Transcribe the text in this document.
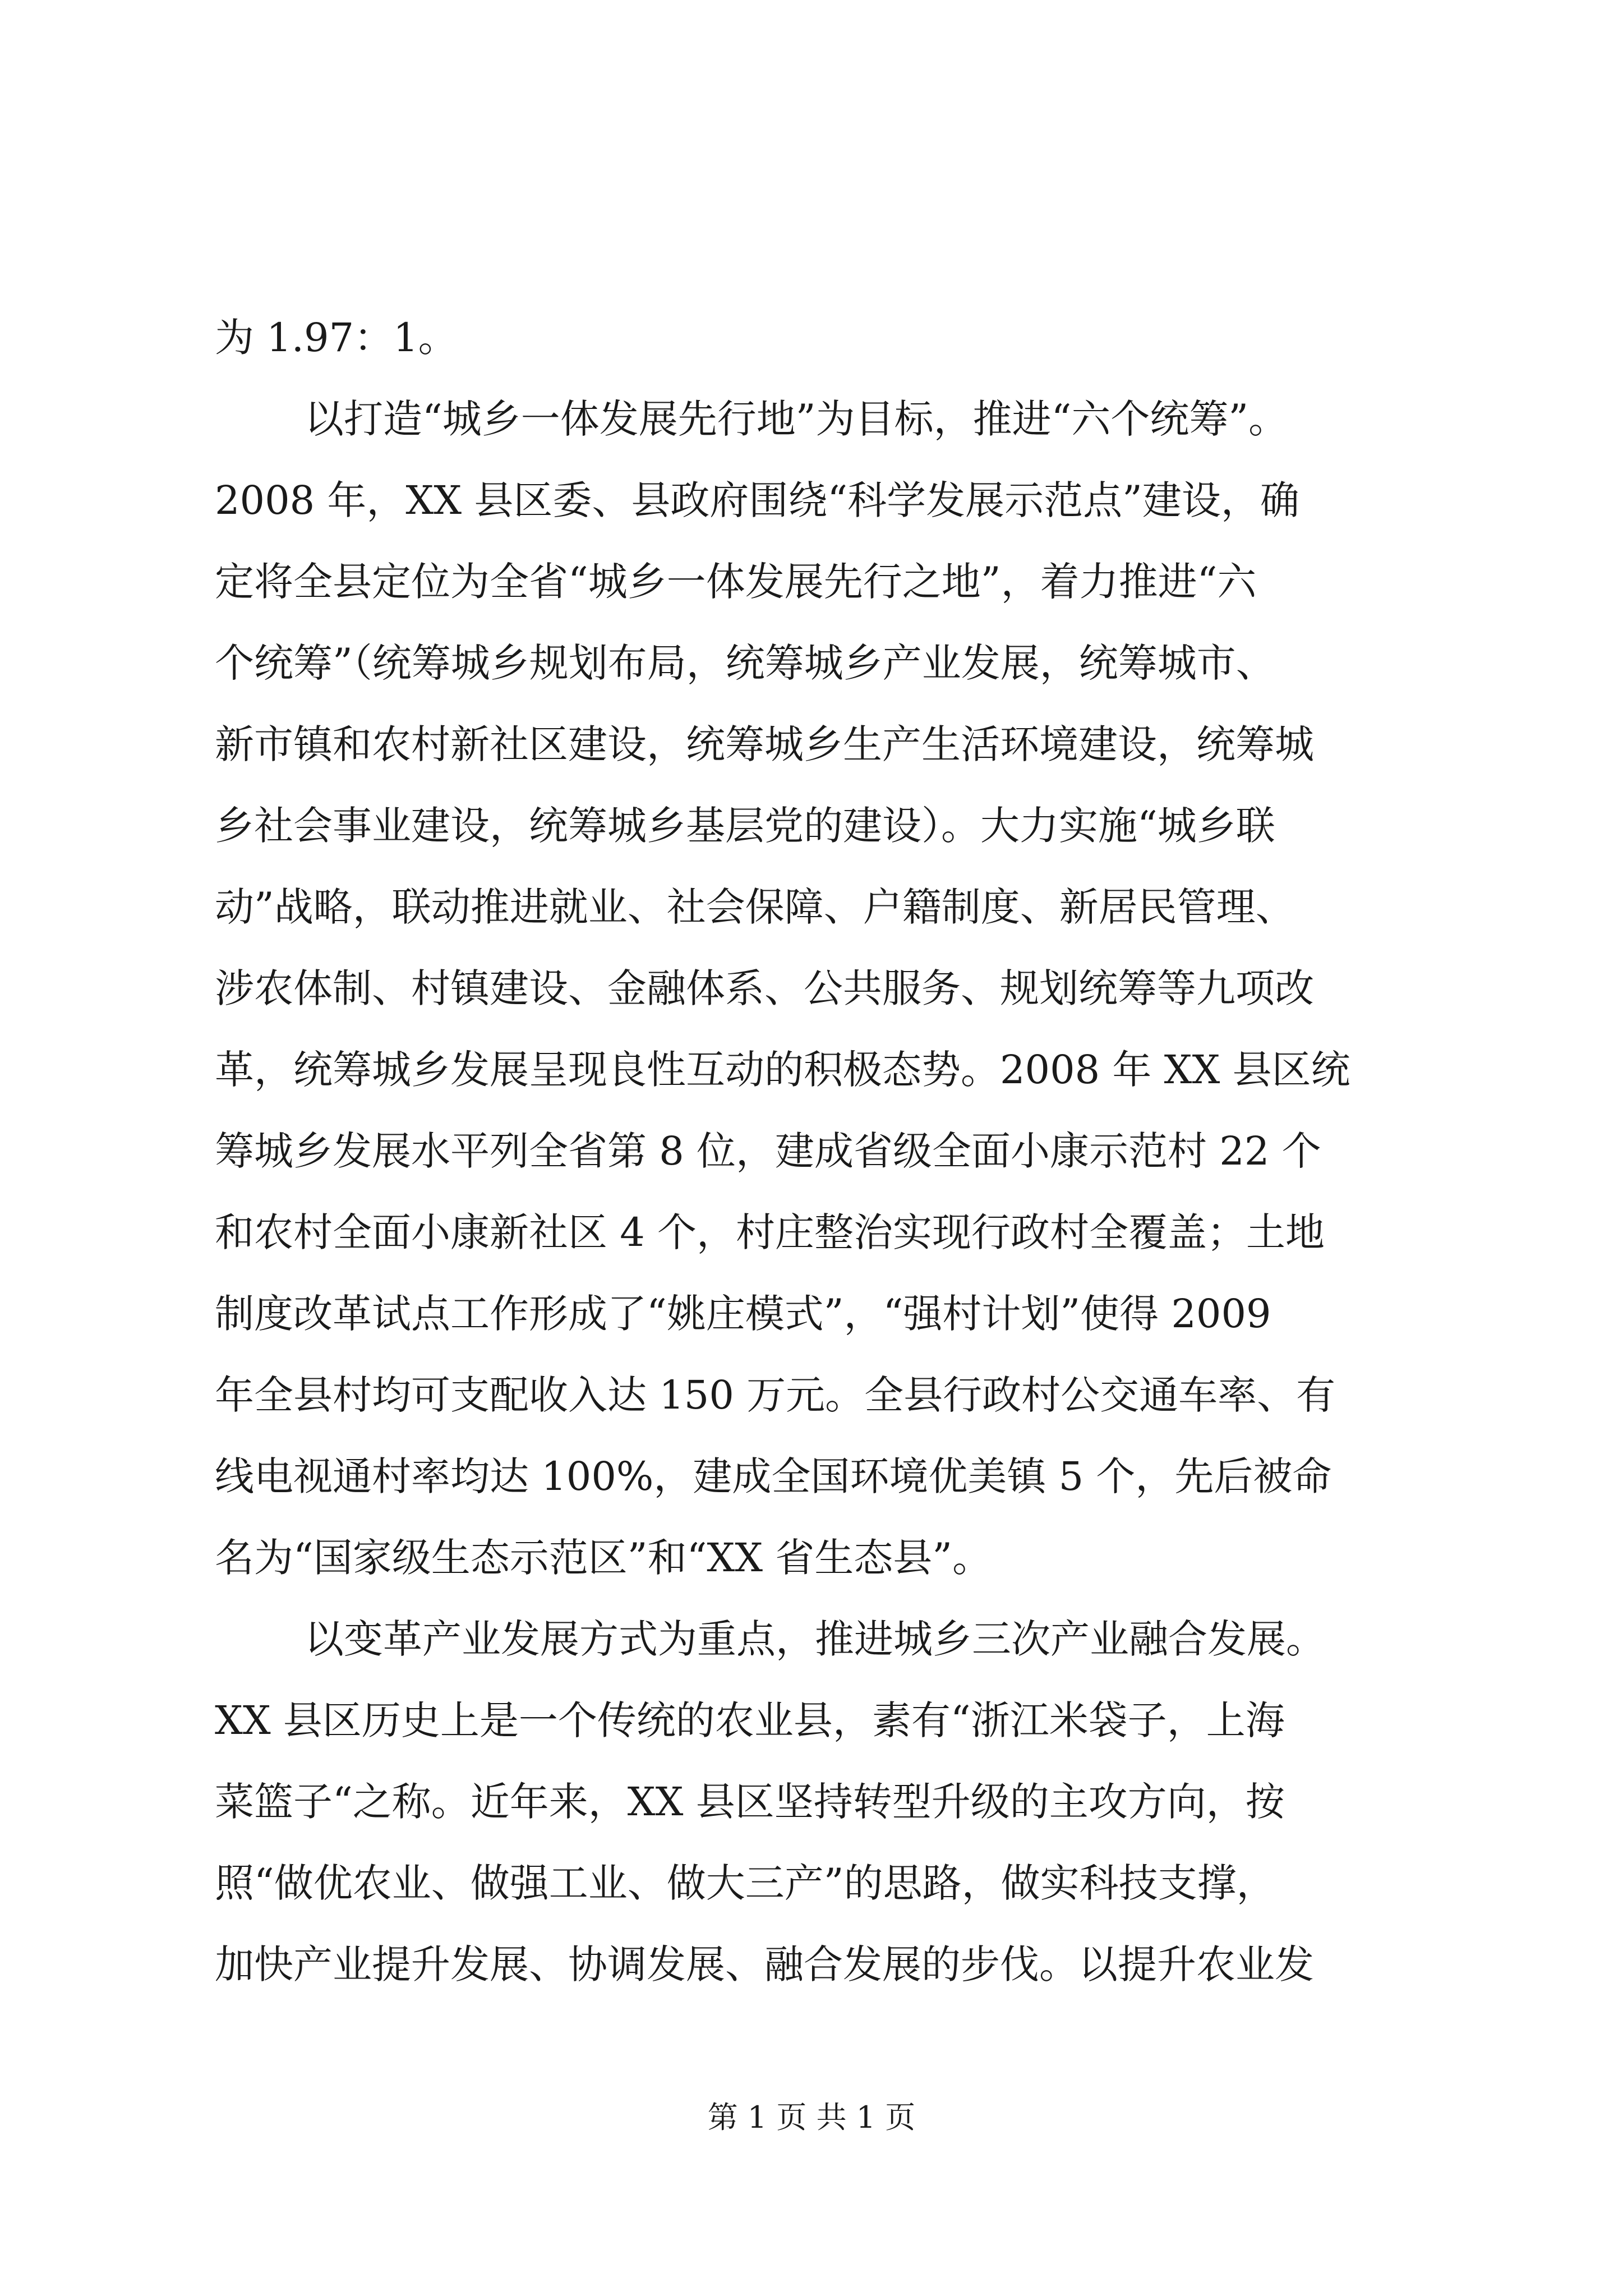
为 1.97：1。
以打造“城乡一体发展先行地”为目标，推进“六个统筹”。
2008 年，XX 县区委、县政府围绕“科学发展示范点”建设，确
定将全县定位为全省“城乡一体发展先行之地”，着力推进“六
个统筹”（统筹城乡规划布局，统筹城乡产业发展，统筹城市、
新市镇和农村新社区建设，统筹城乡生产生活环境建设，统筹城
乡社会事业建设，统筹城乡基层党的建设）。大力实施“城乡联
动”战略，联动推进就业、社会保障、户籍制度、新居民管理、
涉农体制、村镇建设、金融体系、公共服务、规划统筹等九项改
革，统筹城乡发展呈现良性互动的积极态势。2008 年 XX 县区统
筹城乡发展水平列全省第 8 位，建成省级全面小康示范村 22 个
和农村全面小康新社区 4 个，村庄整治实现行政村全覆盖；土地
制度改革试点工作形成了“姚庄模式”，“强村计划”使得 2009
年全县村均可支配收入达 150 万元。全县行政村公交通车率、有
线电视通村率均达 100%，建成全国环境优美镇 5 个，先后被命
名为“国家级生态示范区”和“XX 省生态县”。
以变革产业发展方式为重点，推进城乡三次产业融合发展。
XX 县区历史上是一个传统的农业县，素有“浙江米袋子，上海
菜篮子“之称。近年来，XX 县区坚持转型升级的主攻方向，按
照“做优农业、做强工业、做大三产”的思路，做实科技支撑，
加快产业提升发展、协调发展、融合发展的步伐。以提升农业发
第 1 页 共 1 页
